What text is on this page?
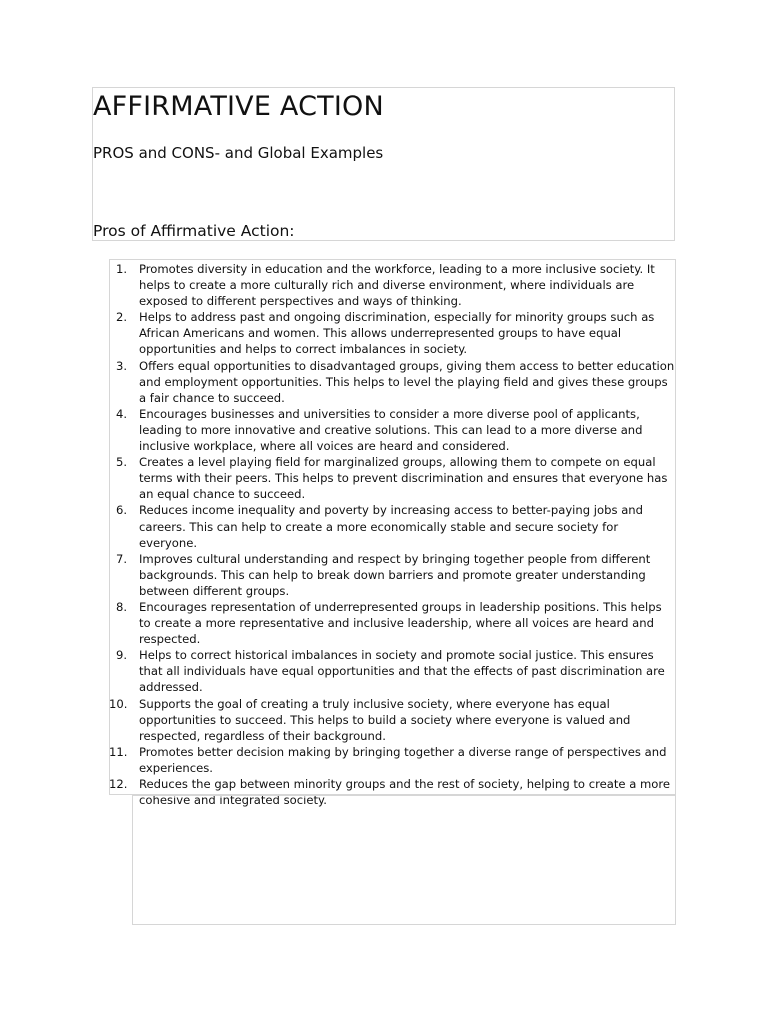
AFFIRMATIVE ACTION
PROS and CONS- and Global Examples
Pros of Affirmative Action:
1. Promotes diversity in education and the workforce, leading to a more inclusive society. It helps to create a more culturally rich and diverse environment, where individuals are exposed to different perspectives and ways of thinking.
2. Helps to address past and ongoing discrimination, especially for minority groups such as African Americans and women. This allows underrepresented groups to have equal opportunities and helps to correct imbalances in society.
3. Offers equal opportunities to disadvantaged groups, giving them access to better education and employment opportunities. This helps to level the playing field and gives these groups a fair chance to succeed.
4. Encourages businesses and universities to consider a more diverse pool of applicants, leading to more innovative and creative solutions. This can lead to a more diverse and inclusive workplace, where all voices are heard and considered.
5. Creates a level playing field for marginalized groups, allowing them to compete on equal terms with their peers. This helps to prevent discrimination and ensures that everyone has an equal chance to succeed.
6. Reduces income inequality and poverty by increasing access to better-paying jobs and careers. This can help to create a more economically stable and secure society for everyone.
7. Improves cultural understanding and respect by bringing together people from different backgrounds. This can help to break down barriers and promote greater understanding between different groups.
8. Encourages representation of underrepresented groups in leadership positions. This helps to create a more representative and inclusive leadership, where all voices are heard and respected.
9. Helps to correct historical imbalances in society and promote social justice. This ensures that all individuals have equal opportunities and that the effects of past discrimination are addressed.
10. Supports the goal of creating a truly inclusive society, where everyone has equal opportunities to succeed. This helps to build a society where everyone is valued and respected, regardless of their background.
11. Promotes better decision making by bringing together a diverse range of perspectives and experiences.
12. Reduces the gap between minority groups and the rest of society, helping to create a more cohesive and integrated society.
